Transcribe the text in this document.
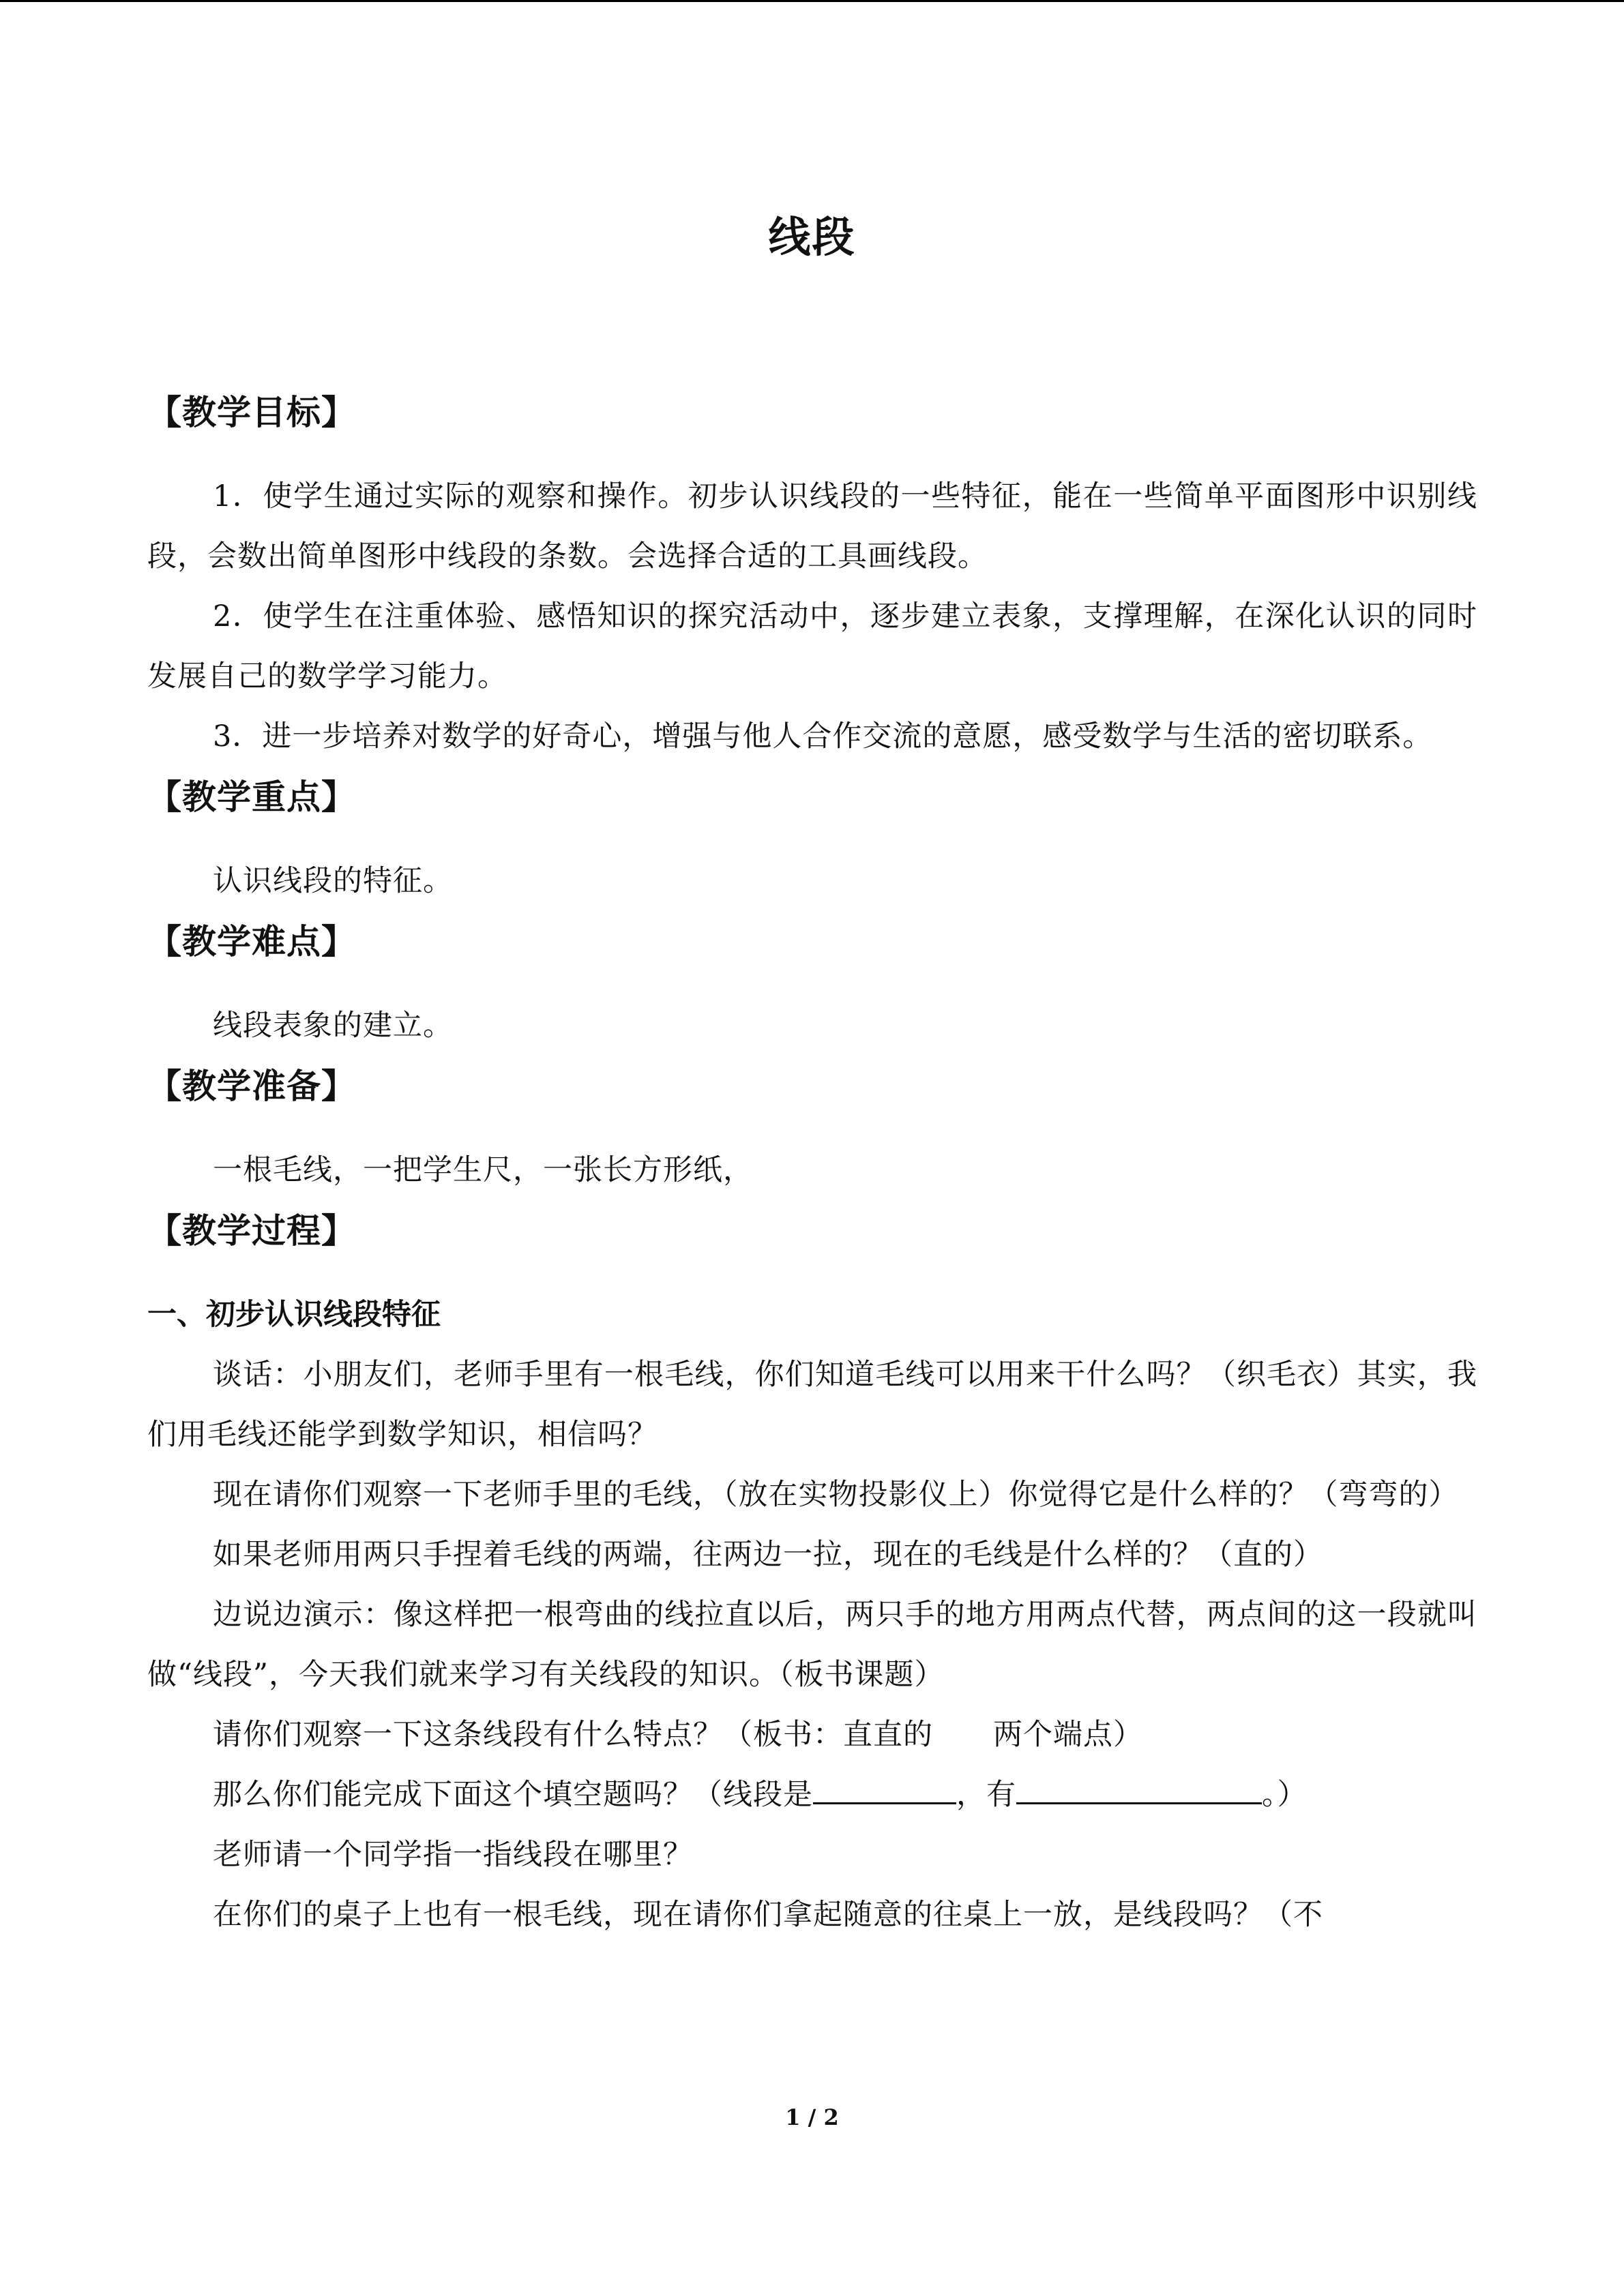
线段
【教学目标】

1．使学生通过实际的观察和操作。初步认识线段的一些特征，能在一些简单平面图形中识别线段，会数出简单图形中线段的条数。会选择合适的工具画线段。

2．使学生在注重体验、感悟知识的探究活动中，逐步建立表象，支撑理解，在深化认识的同时发展自己的数学学习能力。

3．进一步培养对数学的好奇心，增强与他人合作交流的意愿，感受数学与生活的密切联系。

【教学重点】

认识线段的特征。

【教学难点】

线段表象的建立。

【教学准备】

一根毛线，一把学生尺，一张长方形纸，

【教学过程】
一、初步认识线段特征

谈话：小朋友们，老师手里有一根毛线，你们知道毛线可以用来干什么吗？（织毛衣）其实，我们用毛线还能学到数学知识，相信吗？

现在请你们观察一下老师手里的毛线，（放在实物投影仪上）你觉得它是什么样的？（弯弯的）

如果老师用两只手捏着毛线的两端，往两边一拉，现在的毛线是什么样的？（直的）

边说边演示：像这样把一根弯曲的线拉直以后，两只手的地方用两点代替，两点间的这一段就叫做“线段”，今天我们就来学习有关线段的知识。（板书课题）

请你们观察一下这条线段有什么特点？（板书：直直的　　两个端点）

那么你们能完成下面这个填空题吗？（线段是	，有	。）

老师请一个同学指一指线段在哪里？

在你们的桌子上也有一根毛线，现在请你们拿起随意的往桌上一放，是线段吗？（不

1 / 2
